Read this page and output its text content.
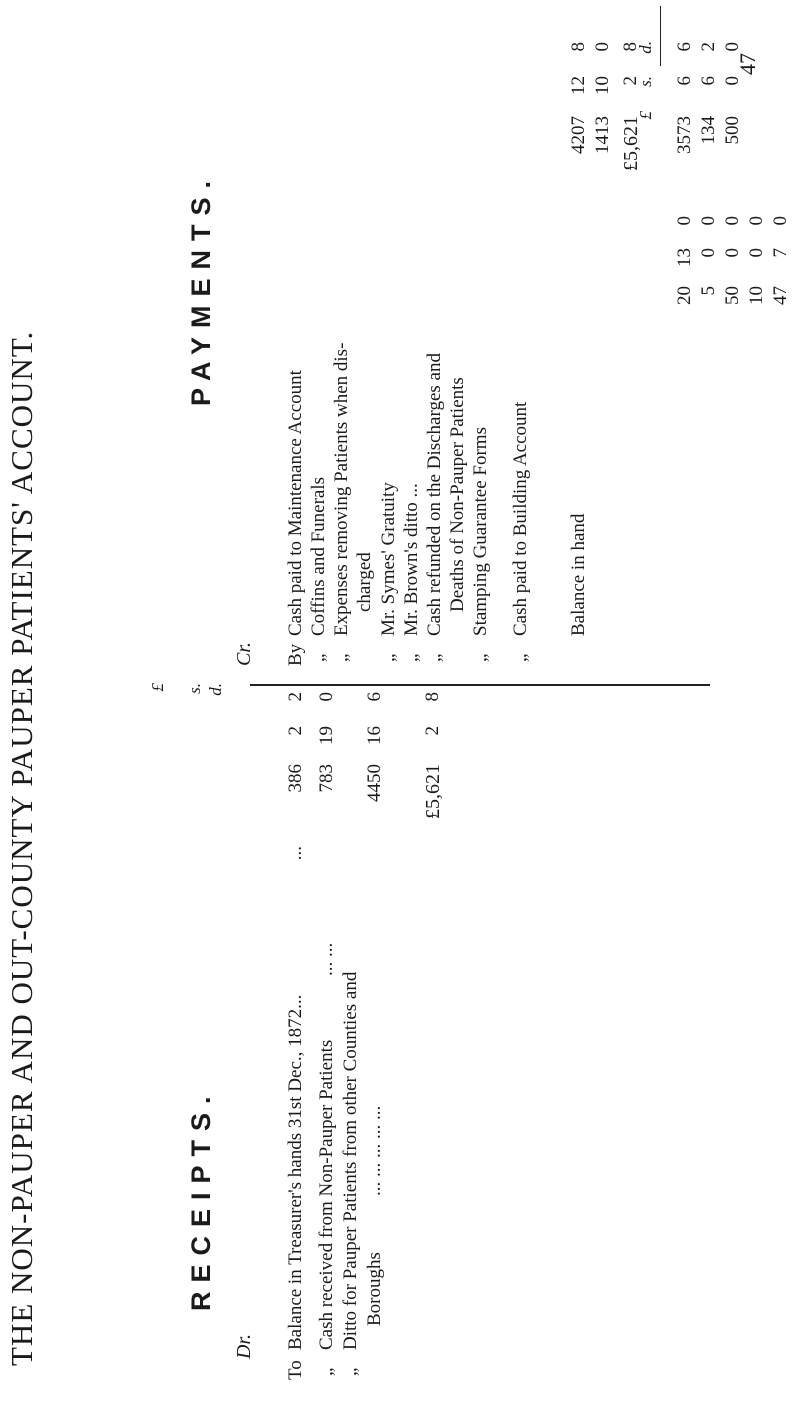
47
THE NON-PAUPER AND OUT-COUNTY PAUPER PATIENTS' ACCOUNT.	RECEIPTS.
Dr.
£ s. d.
To
Balance in Treasurer's hands 31st Dec., 1872...
„
Cash received from Non-Pauper Patients
... ...
„
Ditto for Pauper Patients from other Counties and Boroughs
... ... ... ... ...
...
386
2
2
783
19
0
4450
16
6
£5,621
2
8
PAYMENTS.
Cr. By
Cash paid to Maintenance Account
„
Coffins and Funerals
„
Expenses removing Patients when dis- charged
„
Mr. Symes' Gratuity
„
Mr. Brown's ditto ...
„
Cash refunded on the Discharges and Deaths of Non-Pauper Patients
„
Stamping Guarantee Forms
„
Cash paid to Building Account Balance in hand
£
s.
d.
3573
6
6
134
6
2
500
0
0
20
13
0
5
0
0
50
0
0
10
0
0
47
7
0
4207
12
8
1413
10
0
£5,621
2
8
